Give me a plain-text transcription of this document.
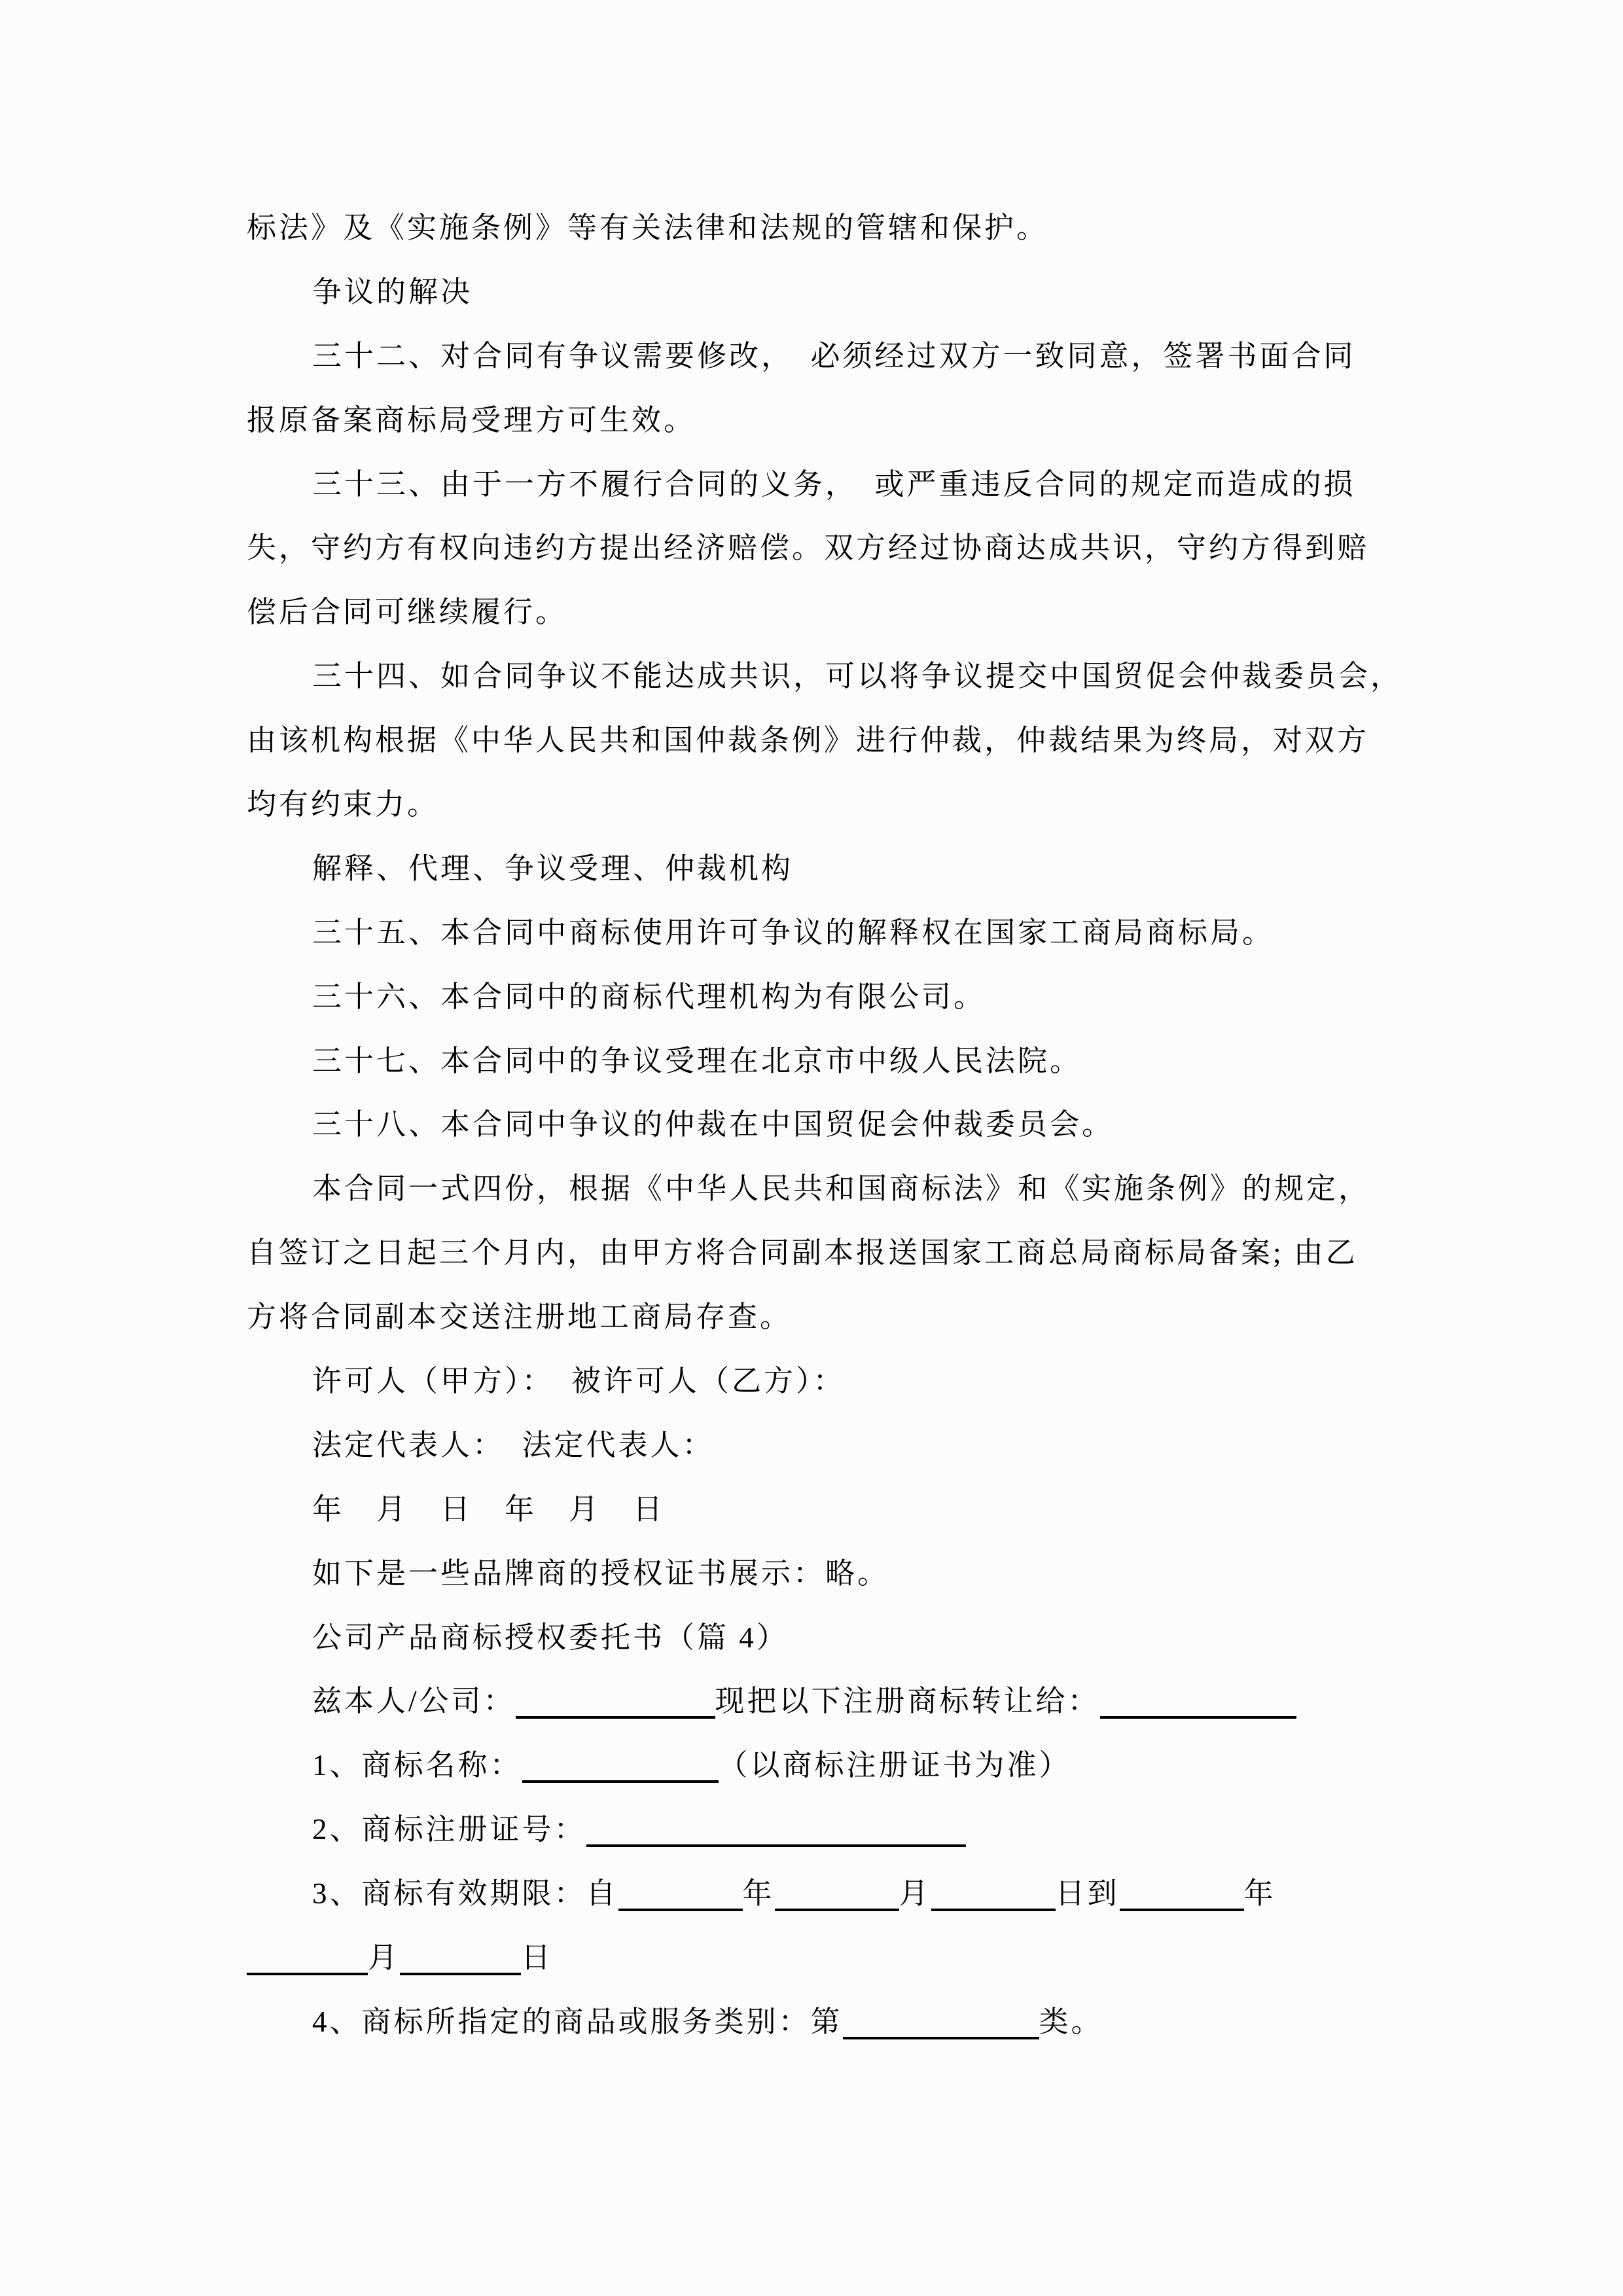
标法》及《实施条例》等有关法律和法规的管辖和保护。
争议的解决
三十二、对合同有争议需要修改，　必须经过双方一致同意，签署书面合同
报原备案商标局受理方可生效。
三十三、由于一方不履行合同的义务，　或严重违反合同的规定而造成的损
失，守约方有权向违约方提出经济赔偿。双方经过协商达成共识，守约方得到赔
偿后合同可继续履行。
三十四、如合同争议不能达成共识，可以将争议提交中国贸促会仲裁委员会，
由该机构根据《中华人民共和国仲裁条例》进行仲裁，仲裁结果为终局，对双方
均有约束力。
解释、代理、争议受理、仲裁机构
三十五、本合同中商标使用许可争议的解释权在国家工商局商标局。
三十六、本合同中的商标代理机构为有限公司。
三十七、本合同中的争议受理在北京市中级人民法院。
三十八、本合同中争议的仲裁在中国贸促会仲裁委员会。
本合同一式四份，根据《中华人民共和国商标法》和《实施条例》的规定，
自签订之日起三个月内，由甲方将合同副本报送国家工商总局商标局备案; 由乙
方将合同副本交送注册地工商局存查。
许可人（甲方）：　被许可人（乙方）：
法定代表人：　法定代表人：
年　月　日　年　月　日
如下是一些品牌商的授权证书展示：略。
公司产品商标授权委托书（篇 4）
兹本人/公司：	现把以下注册商标转让给：
1、商标名称：	（以商标注册证书为准）
2、商标注册证号：
3、商标有效期限：自	年	月	日到	年
月	日
4、商标所指定的商品或服务类别：第	类。
